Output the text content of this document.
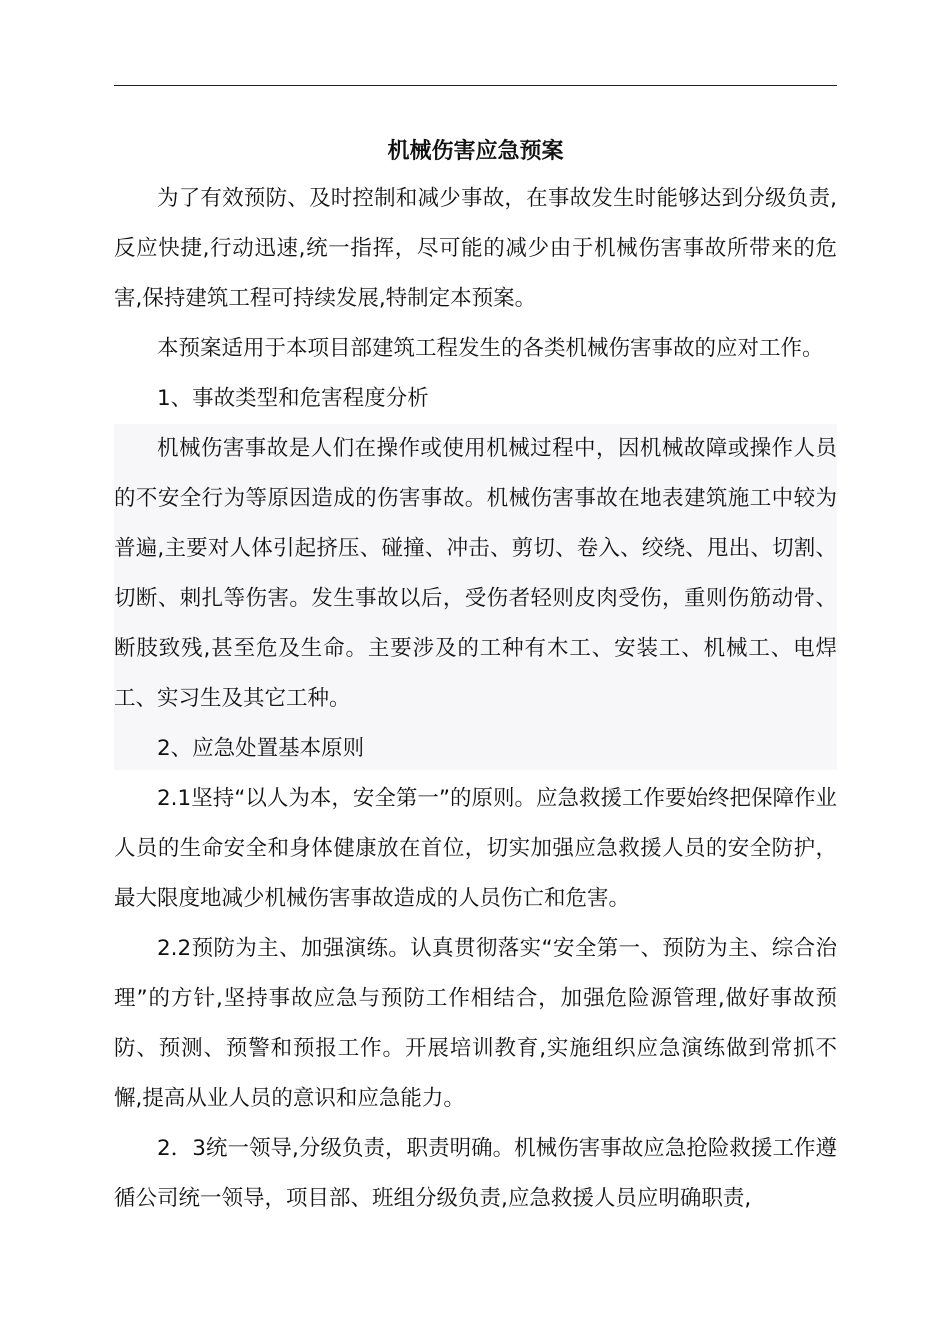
机械伤害应急预案

为了有效预防、及时控制和减少事故，在事故发生时能够达到分级负责,反应快捷,行动迅速,统一指挥，尽可能的减少由于机械伤害事故所带来的危害,保持建筑工程可持续发展,特制定本预案。

本预案适用于本项目部建筑工程发生的各类机械伤害事故的应对工作。

1、事故类型和危害程度分析

机械伤害事故是人们在操作或使用机械过程中，因机械故障或操作人员的不安全行为等原因造成的伤害事故。机械伤害事故在地表建筑施工中较为普遍,主要对人体引起挤压、碰撞、冲击、剪切、卷入、绞绕、甩出、切割、切断、刺扎等伤害。发生事故以后，受伤者轻则皮肉受伤，重则伤筋动骨、断肢致残,甚至危及生命。主要涉及的工种有木工、安装工、机械工、电焊工、实习生及其它工种。

2、应急处置基本原则

2.1坚持“以人为本，安全第一”的原则。应急救援工作要始终把保障作业人员的生命安全和身体健康放在首位，切实加强应急救援人员的安全防护，最大限度地减少机械伤害事故造成的人员伤亡和危害。

2.2预防为主、加强演练。认真贯彻落实“安全第一、预防为主、综合治理”的方针,坚持事故应急与预防工作相结合，加强危险源管理,做好事故预防、预测、预警和预报工作。开展培训教育,实施组织应急演练做到常抓不懈,提高从业人员的意识和应急能力。

2．3统一领导,分级负责，职责明确。机械伤害事故应急抢险救援工作遵循公司统一领导，项目部、班组分级负责,应急救援人员应明确职责,
